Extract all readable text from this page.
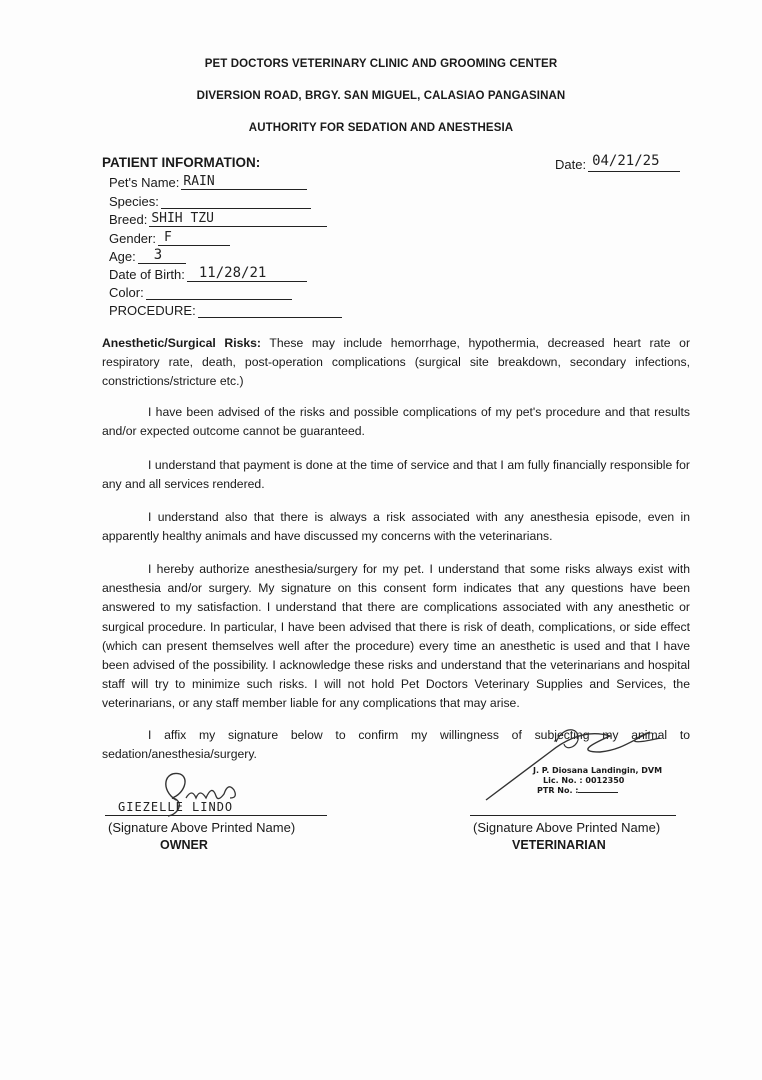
PET DOCTORS VETERINARY CLINIC AND GROOMING CENTER
DIVERSION ROAD, BRGY. SAN MIGUEL, CALASIAO PANGASINAN
AUTHORITY FOR SEDATION AND ANESTHESIA
PATIENT INFORMATION:	Date: 04/21/25
Pet's Name: RAIN
Species:
Breed: SHIH TZU
Gender: F
Age: 3
Date of Birth: 11/28/21
Color:
PROCEDURE:
Anesthetic/Surgical Risks: These may include hemorrhage, hypothermia, decreased heart rate or respiratory rate, death, post-operation complications (surgical site breakdown, secondary infections, constrictions/stricture etc.)
I have been advised of the risks and possible complications of my pet's procedure and that results and/or expected outcome cannot be guaranteed.
I understand that payment is done at the time of service and that I am fully financially responsible for any and all services rendered.
I understand also that there is always a risk associated with any anesthesia episode, even in apparently healthy animals and have discussed my concerns with the veterinarians.
I hereby authorize anesthesia/surgery for my pet. I understand that some risks always exist with anesthesia and/or surgery. My signature on this consent form indicates that any questions have been answered to my satisfaction. I understand that there are complications associated with any anesthetic or surgical procedure. In particular, I have been advised that there is risk of death, complications, or side effect (which can present themselves well after the procedure) every time an anesthetic is used and that I have been advised of the possibility. I acknowledge these risks and understand that the veterinarians and hospital staff will try to minimize such risks. I will not hold Pet Doctors Veterinary Supplies and Services, the veterinarians, or any staff member liable for any complications that may arise.
I affix my signature below to confirm my willingness of subjecting my animal to sedation/anesthesia/surgery.
GIEZELLE LINDO
(Signature Above Printed Name)
OWNER
J. P. Diosana Landingin, DVM
Lic. No. : 0012350
PTR No. :
(Signature Above Printed Name)
VETERINARIAN
